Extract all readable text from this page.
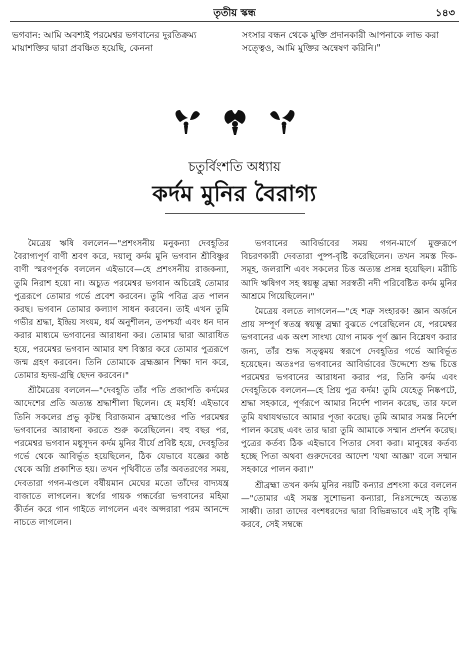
তৃতীয় স্কন্ধ	১৪৩
ভগবান: আমি অবশ্যই পরমেশ্বর ভগবানের দুরতিক্রম্য মায়াশক্তির দ্বারা প্রবঞ্চিত হয়েছি, কেননা
সংসার বন্ধন থেকে মুক্তি প্রদানকারী আপনাকে লাভ করা সত্ত্বেও, আমি মুক্তির অন্বেষণ করিনি।"
চতুর্বিংশতি অধ্যায়
কর্দম মুনির বৈরাগ্য

মৈত্রেয় ঋষি বললেন—"প্রশংসনীয় মনুকন্যা দেবহূতির বৈরাগ্যপূর্ণ বাণী শ্রবণ করে, দয়ালু কর্দম মুনি ভগবান শ্রীবিষ্ণুর বাণী স্মরণপূর্বক বললেন এইভাবে—হে প্রশংসনীয় রাজকন্যা, তুমি নিরাশ হয়ো না। অচ্যুত পরমেশ্বর ভগবান অচিরেই তোমার পুত্ররূপে তোমার গর্ভে প্রবেশ করবেন। তুমি পবিত্র ব্রত পালন করছ। ভগবান তোমার কল্যাণ সাধন করবেন। তাই এখন তুমি গভীর শ্রদ্ধা, ইন্দ্রিয় সংযম, ধর্ম অনুশীলন, তপশ্চর্যা এবং ধন দান করার মাধ্যমে ভগবানের আরাধনা কর। তোমার দ্বারা আরাধিত হয়ে, পরমেশ্বর ভগবান আমার যশ বিস্তার করে তোমার পুত্ররূপে জন্ম গ্রহণ করবেন। তিনি তোমাকে ব্রহ্মজ্ঞান শিক্ষা দান করে, তোমার হৃদয়-গ্রন্থি ছেদন করবেন।"

শ্রীমৈত্রেয় বললেন—"দেবহূতি তাঁর পতি প্রজাপতি কর্দমের আদেশের প্রতি অত্যন্ত শ্রদ্ধাশীলা ছিলেন। হে মহর্ষি! এইভাবে তিনি সকলের প্রভু কূটস্থ বিরাজমান ব্রহ্মাণ্ডের পতি পরমেশ্বর ভগবানের আরাধনা করতে শুরু করেছিলেন। বহু বছর পর, পরমেশ্বর ভগবান মধুসূদন কর্দম মুনির বীর্যে প্রবিষ্ট হয়ে, দেবহূতির গর্ভে থেকে আবির্ভূত হয়েছিলেন, ঠিক যেভাবে যজ্ঞের কাষ্ঠ থেকে অগ্নি প্রকাশিত হয়। তখন পৃথিবীতে তাঁর অবতরণের সময়, দেবতারা গগন-মণ্ডলে বর্ষীয়মান মেঘের মতো তাঁদের বাদ্যযন্ত্র বাজাতে লাগলেন। স্বর্গের গায়ক গন্ধর্বেরা ভগবানের মহিমা কীর্তন করে গান গাইতে লাগলেন এবং অপ্সরারা পরম আনন্দে নাচতে লাগলেন।

ভগবানের আবির্ভাবের সময় গগন-মার্গে মুক্তরূপে বিচরণকারী দেবতারা পুষ্প-বৃষ্টি করেছিলেন। তখন সমস্ত দিক-সমূহ, জলরাশি এবং সকলের চিত্ত অত্যন্ত প্রসন্ন হয়েছিল। মরীচি আদি ঋষিগণ সহ স্বয়ম্ভূ ব্রহ্মা সরস্বতী নদী পরিবেষ্টিত কর্দম মুনির আশ্রমে গিয়েছিলেন।"

মৈত্রেয় বলতে লাগলেন—"হে শত্রু সংহারক! জ্ঞান অর্জনে প্রায় সম্পূর্ণ স্বতন্ত্র স্বয়ম্ভূ ব্রহ্মা বুঝতে পেরেছিলেন যে, পরমেশ্বর ভগবানের এক অংশ সাংখ্য যোগ নামক পূর্ণ জ্ঞান বিশ্লেষণ করার জন্য, তাঁর শুদ্ধ সত্ত্বময় স্বরূপে দেবহূতির গর্ভে আবির্ভূত হয়েছেন। অতঃপর ভগবানের আবির্ভাবের উদ্দেশ্যে শুদ্ধ চিত্তে পরমেশ্বর ভগবানের আরাধনা করার পর, তিনি কর্দম এবং দেবহূতিকে বললেন—হে প্রিয় পুত্র কর্দম! তুমি যেহেতু নিষ্কপটে, শ্রদ্ধা সহকারে, পূর্ণরূপে আমার নির্দেশ পালন করেছ, তার ফলে তুমি যথাযথভাবে আমার পূজা করেছ। তুমি আমার সমস্ত নির্দেশ পালন করেছ এবং তার দ্বারা তুমি আমাকে সম্মান প্রদর্শন করেছ। পুত্রের কর্তব্য ঠিক এইভাবে পিতার সেবা করা। মানুষের কর্তব্য হচ্ছে পিতা অথবা গুরুদেবের আদেশ 'যথা আজ্ঞা' বলে সম্মান সহকারে পালন করা।"

শ্রীব্রহ্মা তখন কর্দম মুনির নয়টি কন্যার প্রশংসা করে বললেন—"তোমার এই সমস্ত সুশোভনা কন্যারা, নিঃসন্দেহে অত্যন্ত সাধ্বী। তারা তাদের বংশধরদের দ্বারা বিভিন্নভাবে এই সৃষ্টি বৃদ্ধি করবে, সেই সম্বন্ধে
